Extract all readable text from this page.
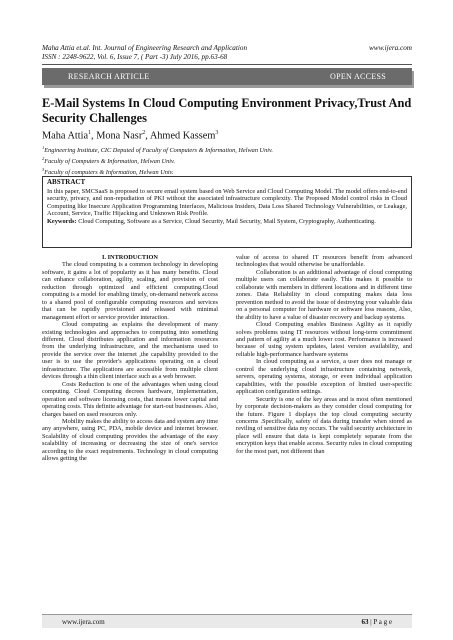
Maha Attia et.al. Int. Journal of Engineering Research and Application	www.ijera.com
ISSN : 2248-9622, Vol. 6, Issue 7, ( Part -3) July 2016, pp.63-68
RESEARCH ARTICLE	OPEN ACCESS
E-Mail Systems In Cloud Computing Environment Privacy,Trust And Security Challenges
Maha Attia$^1$, Mona Nasr$^2$, Ahmed Kassem$^3$
$^1$Engineering Institute, CIC Deputed of Faculty of Computers & Information, Helwan Univ.
$^2$Faculty of Computers & Information, Helwan Univ.
$^3$Faculty of computers & Information, Helwan Univ.
ABSTRACT
In this paper, SMCSaaS is proposed to secure email system based on Web Service and Cloud Computing Model. The model offers end-to-end security, privacy, and non-repudiation of PKI without the associated infrastructure complexity. The Proposed Model control risks in Cloud Computing like Insecure Application Programming Interfaces, Malicious Insiders, Data Loss Shared Technology Vulnerabilities, or Leakage, Account, Service, Traffic Hijacking and Unknown Risk Profile.
Keywords: Cloud Computing, Software as a Service, Cloud Security, Mail Security, Mail System, Cryptography, Authenticating.

I. INTRODUCTION

The cloud computing is a common technology in developing software, it gains a lot of popularity as it has many benefits. Cloud can enhance collaboration, agility, scaling, and provision of cost reduction through optimized and efficient computing.Cloud computing is a model for enabling timely, on-demand network access to a shared pool of configurable computing resources and services that can be rapidly provisioned and released with minimal management effort or service provider interaction.

Cloud computing as explains the development of many existing technologies and approaches to computing into something different. Cloud distributes application and information resources from the underlying infrastructure, and the mechanisms used to provide the service over the internet ,the capability provided to the user is to use the provider's applications operating on a cloud infrastructure. The applications are accessible from multiple client devices through a thin client interface such as a web browser.

Costs Reduction is one of the advantages when using cloud computing. Cloud Computing decrees hardware, implementation, operation and software licensing costs, that means lower capital and operating costs. This definite advantage for start-out businesses. Also, charges based on used resources only.

Mobility makes the ability to access data and system any time any anywhere, using PC, PDA, mobile device and internet browser. Scalability of cloud computing provides the advantage of the easy scalability of increasing or decreasing the size of one's service according to the exact requirements. Technology in cloud computing allows getting the

value of access to shared IT resources benefit from advanced technologies that would otherwise be unaffordable.

Collaboration is an additional advantage of cloud computing multiple users can collaborate easily. This makes it possible to collaborate with members in different locations and in different time zones. Data Reliability in cloud computing makes data loss prevention method to avoid the issue of destroying your valuable data on a personal computer for hardware or software loss reasons, Also, the ability to have a value of disaster recovery and backup systems.

Cloud Computing enables Business Agility as it rapidly solves problems using IT resources without long-term commitment and pattern of agility at a much lower cost. Performance is increased because of using system updates, latest version availability, and reliable high-performance hardware systems

In cloud computing as a service, a user does not manage or control the underlying cloud infrastructure containing network, servers, operating systems, storage, or even individual application capabilities, with the possible exception of limited user-specific application configuration settings.

Security is one of the key areas and is most often mentioned by corporate decision-makers as they consider cloud computing for the future. Figure 1 displays the top cloud computing security concerns .Specifically, safety of data during transfer when stored as reviling of sensitive data my occurs. The valid security architecture in place will ensure that data is kept completely separate from the encryption keys that enable access. Security rules in cloud computing for the most part, not different than

www.ijera.com	63 | P a g e
